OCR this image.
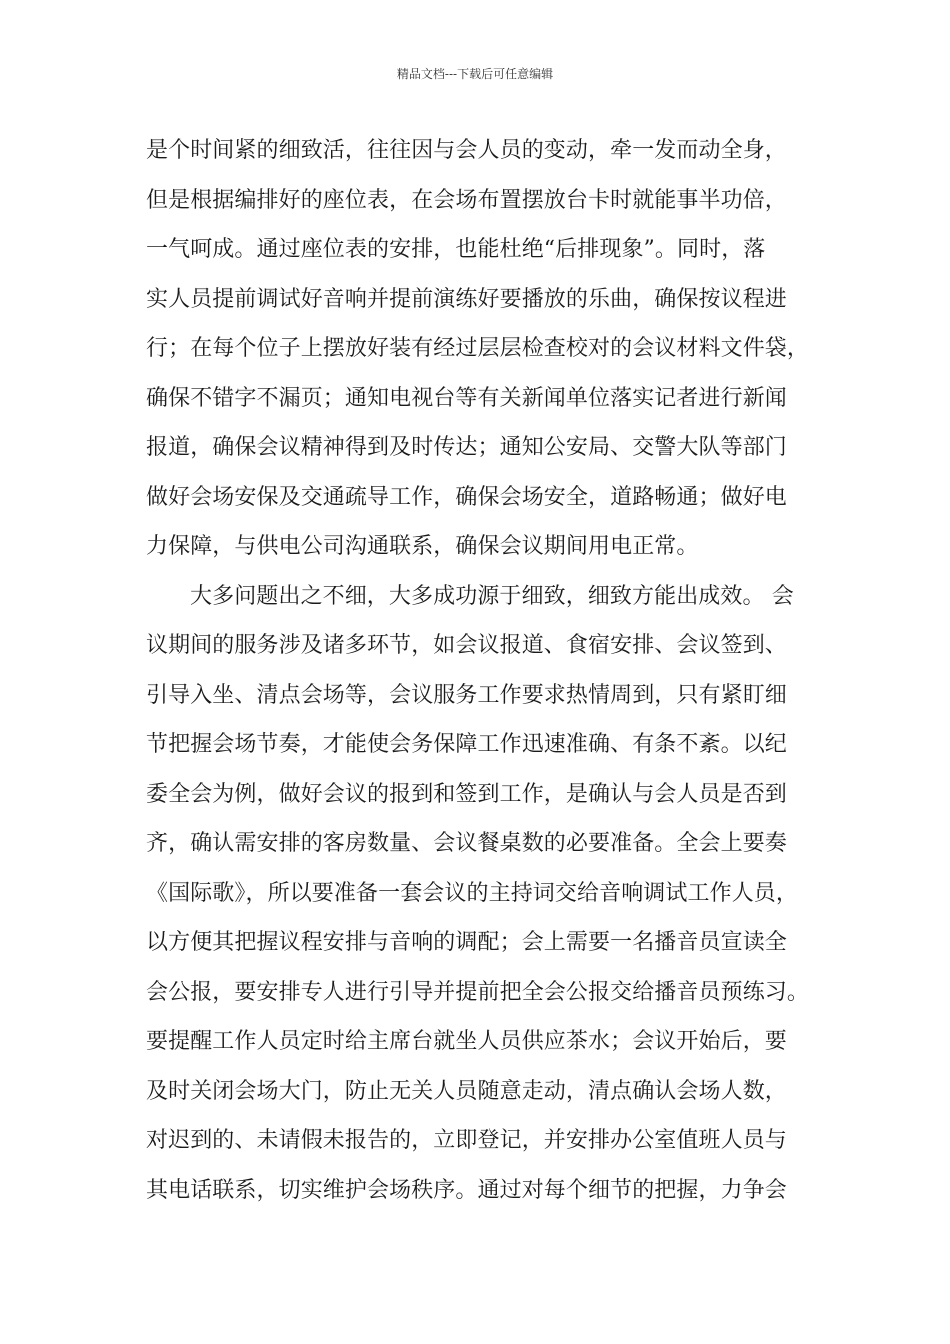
精品文档---下载后可任意编辑
是个时间紧的细致活，往往因与会人员的变动，牵一发而动全身，
但是根据编排好的座位表，在会场布置摆放台卡时就能事半功倍，
一气呵成。通过座位表的安排，也能杜绝“后排现象”。同时，落
实人员提前调试好音响并提前演练好要播放的乐曲，确保按议程进
行；在每个位子上摆放好装有经过层层检查校对的会议材料文件袋，
确保不错字不漏页；通知电视台等有关新闻单位落实记者进行新闻
报道，确保会议精神得到及时传达；通知公安局、交警大队等部门
做好会场安保及交通疏导工作，确保会场安全，道路畅通；做好电
力保障，与供电公司沟通联系，确保会议期间用电正常。
大多问题出之不细，大多成功源于细致，细致方能出成效。 会
议期间的服务涉及诸多环节，如会议报道、食宿安排、会议签到、
引导入坐、清点会场等，会议服务工作要求热情周到，只有紧盯细
节把握会场节奏，才能使会务保障工作迅速准确、有条不紊。以纪
委全会为例，做好会议的报到和签到工作，是确认与会人员是否到
齐，确认需安排的客房数量、会议餐桌数的必要准备。全会上要奏
《国际歌》，所以要准备一套会议的主持词交给音响调试工作人员，
以方便其把握议程安排与音响的调配；会上需要一名播音员宣读全
会公报，要安排专人进行引导并提前把全会公报交给播音员预练习。
要提醒工作人员定时给主席台就坐人员供应茶水；会议开始后，要
及时关闭会场大门，防止无关人员随意走动，清点确认会场人数，
对迟到的、未请假未报告的，立即登记，并安排办公室值班人员与
其电话联系，切实维护会场秩序。通过对每个细节的把握，力争会
